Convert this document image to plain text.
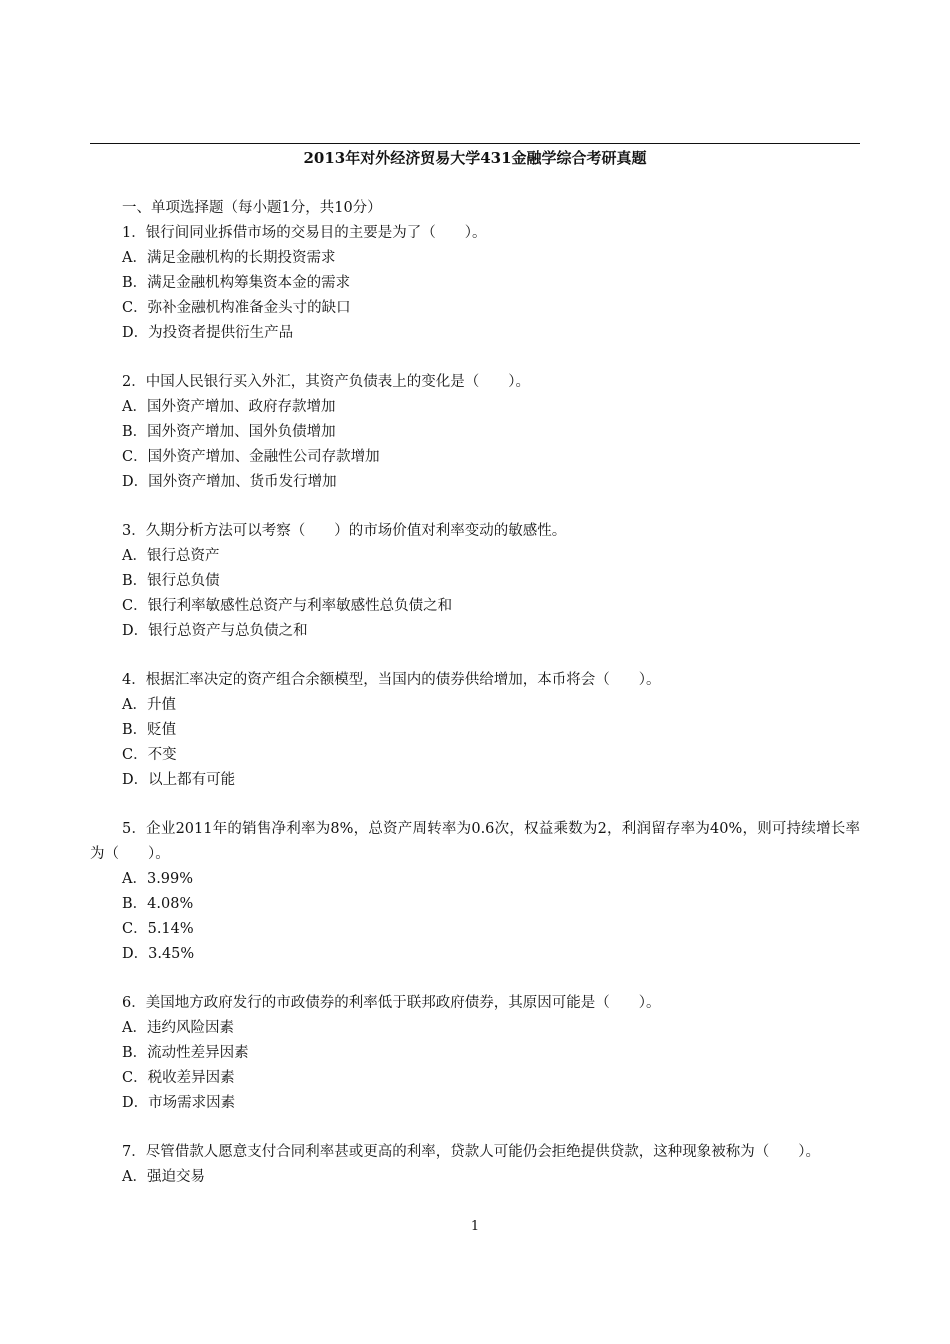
2013年对外经济贸易大学431金融学综合考研真题
一、单项选择题（每小题1分，共10分）
1．银行间同业拆借市场的交易目的主要是为了（　　）。
A．满足金融机构的长期投资需求
B．满足金融机构筹集资本金的需求
C．弥补金融机构准备金头寸的缺口
D．为投资者提供衍生产品
2．中国人民银行买入外汇，其资产负债表上的变化是（　　）。
A．国外资产增加、政府存款增加
B．国外资产增加、国外负债增加
C．国外资产增加、金融性公司存款增加
D．国外资产增加、货币发行增加
3．久期分析方法可以考察（　　）的市场价值对利率变动的敏感性。
A．银行总资产
B．银行总负债
C．银行利率敏感性总资产与利率敏感性总负债之和
D．银行总资产与总负债之和
4．根据汇率决定的资产组合余额模型，当国内的债券供给增加，本币将会（　　）。
A．升值
B．贬值
C．不变
D．以上都有可能
5．企业2011年的销售净利率为8%，总资产周转率为0.6次，权益乘数为2，利润留存率为40%，则可持续增长率为（　　）。
A．3.99%
B．4.08%
C．5.14%
D．3.45%
6．美国地方政府发行的市政债券的利率低于联邦政府债券，其原因可能是（　　）。
A．违约风险因素
B．流动性差异因素
C．税收差异因素
D．市场需求因素
7．尽管借款人愿意支付合同利率甚或更高的利率，贷款人可能仍会拒绝提供贷款，这种现象被称为（　　）。
A．强迫交易
1
